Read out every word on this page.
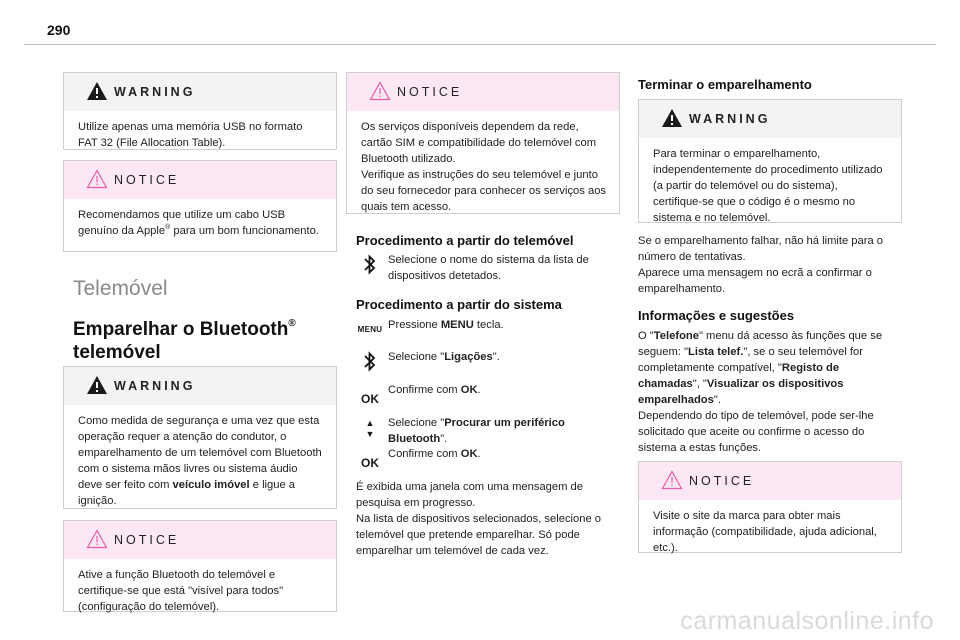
290
WARNING
Utilize apenas uma memória USB no formato FAT 32 (File Allocation Table).
NOTICE
Recomendamos que utilize um cabo USB genuíno da Apple® para um bom funcionamento.
Telemóvel
Emparelhar o Bluetooth®
telemóvel
WARNING
Como medida de segurança e uma vez que esta operação requer a atenção do condutor, o emparelhamento de um telemóvel com Bluetooth com o sistema mãos livres ou sistema áudio deve ser feito com veículo imóvel e ligue a ignição.
NOTICE
Ative a função Bluetooth do telemóvel e certifique-se que está "visível para todos" (configuração do telemóvel).
NOTICE
Os serviços disponíveis dependem da rede, cartão SIM e compatibilidade do telemóvel com Bluetooth utilizado.
Verifique as instruções do seu telemóvel e junto do seu fornecedor para conhecer os serviços aos quais tem acesso.
Procedimento a partir do telemóvel
Selecione o nome do sistema da lista de dispositivos detetados.
Procedimento a partir do sistema
MENU Pressione MENU tecla.
Selecione "Ligações".
OK
Confirme com OK.
▲
▼
Selecione "Procurar um periférico Bluetooth".
OK
Confirme com OK.
É exibida uma janela com uma mensagem de pesquisa em progresso.
Na lista de dispositivos selecionados, selecione o telemóvel que pretende emparelhar. Só pode emparelhar um telemóvel de cada vez.
Terminar o emparelhamento
WARNING
Para terminar o emparelhamento, independentemente do procedimento utilizado (a partir do telemóvel ou do sistema), certifique-se que o código é o mesmo no sistema e no telemóvel.
Se o emparelhamento falhar, não há limite para o número de tentativas.
Aparece uma mensagem no ecrã a confirmar o emparelhamento.
Informações e sugestões
O "Telefone" menu dá acesso às funções que se seguem: "Lista telef.", se o seu telemóvel for completamente compatível, "Registo de chamadas", "Visualizar os dispositivos emparelhados".
Dependendo do tipo de telemóvel, pode ser-lhe solicitado que aceite ou confirme o acesso do sistema a estas funções.
NOTICE
Visite o site da marca para obter mais informação (compatibilidade, ajuda adicional, etc.).
carmanualsonline.info
